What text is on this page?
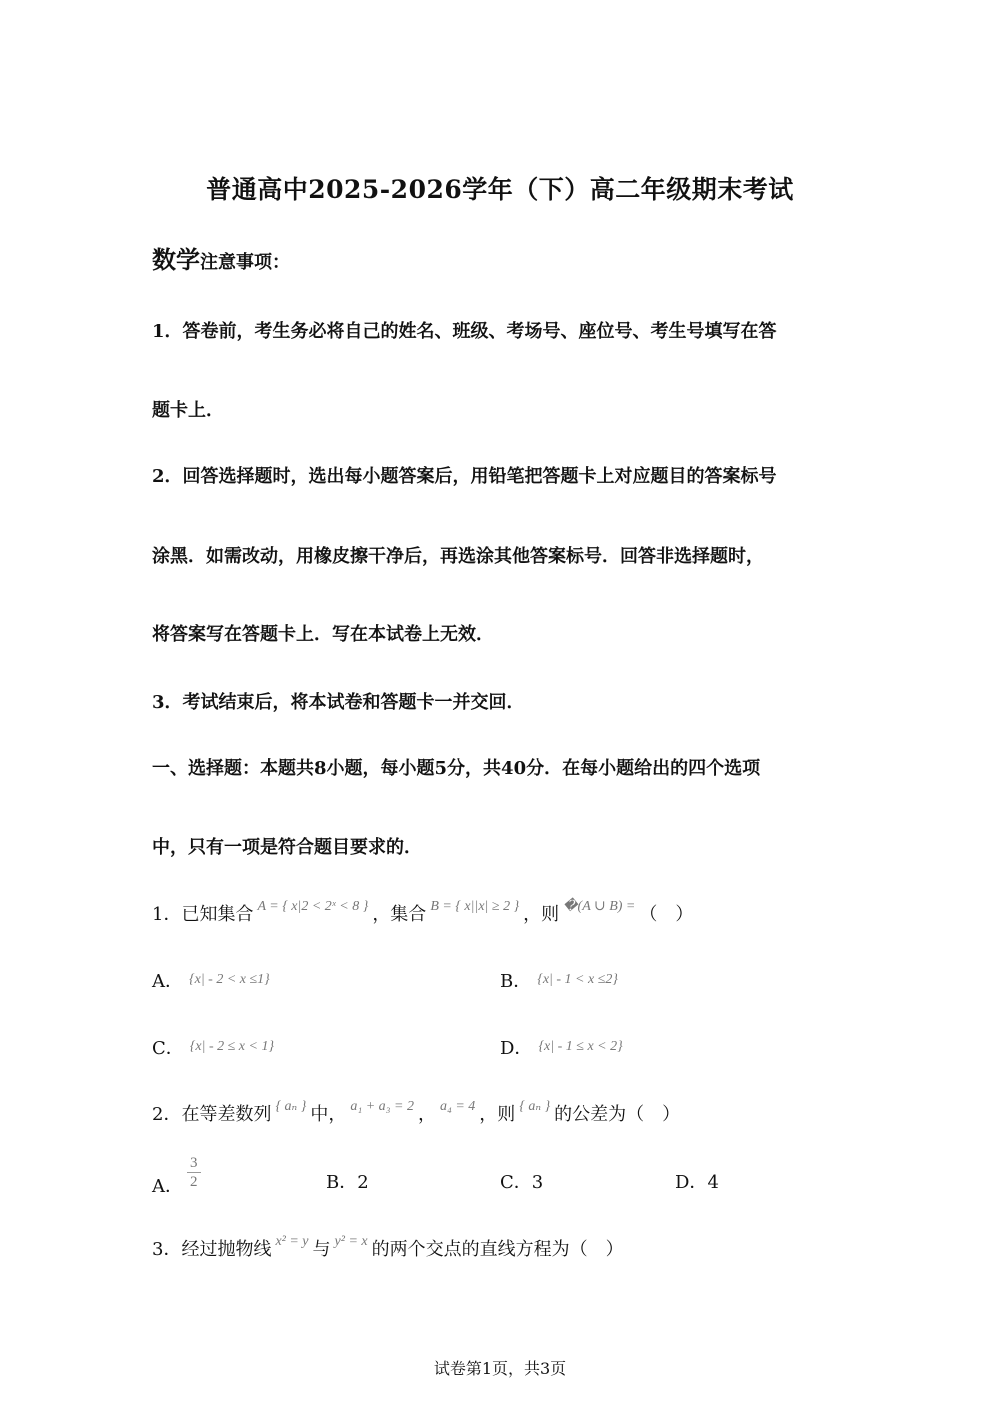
普通高中2025-2026学年（下）高二年级期末考试
数学注意事项：
1．答卷前，考生务必将自己的姓名、班级、考场号、座位号、考生号填写在答
题卡上．
2．回答选择题时，选出每小题答案后，用铅笔把答题卡上对应题目的答案标号
涂黑．如需改动，用橡皮擦干净后，再选涂其他答案标号．回答非选择题时，
将答案写在答题卡上．写在本试卷上无效．
3．考试结束后，将本试卷和答题卡一并交回．
一、选择题：本题共8小题，每小题5分，共40分．在每小题给出的四个选项
中，只有一项是符合题目要求的．
1．已知集合 $^{A = \{ x|2 < 2ˣ < 8 \}}$ ，集合 $^{B = \{ x||x| \ge 2 \}}$ ，则 $^{�(A \cup B) =}$ （　）
A． $^{\{x| - 2 < x \le 1\}}$	B． $^{\{x| - 1 < x \le 2\}}$
C． $^{\{x| - 2 \le x < 1\}}$	D． $^{\{x| - 1 \le x < 2\}}$
2．在等差数列 $^{\{ a_n \}}$ 中， $^{a_1 + a_3 = 2}$ ， $^{a_4 = 4}$ ，则 $^{\{ a_n \}}$ 的公差为（　）
A． $\frac{3}{2}$	B．2	C．3	D．4
3．经过抛物线 $^{x^2 = y}$ 与 $^{y^2 = x}$ 的两个交点的直线方程为（　）
试卷第1页，共3页
